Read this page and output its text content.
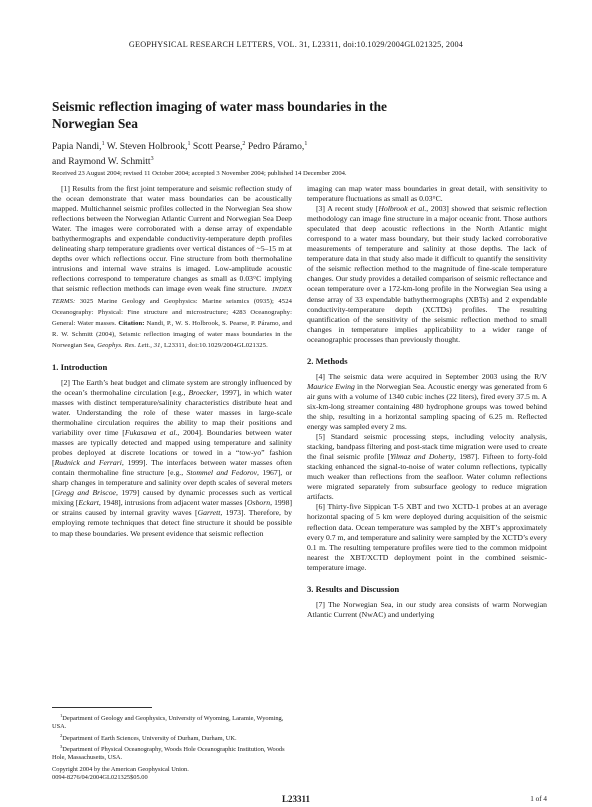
GEOPHYSICAL RESEARCH LETTERS, VOL. 31, L23311, doi:10.1029/2004GL021325, 2004
Seismic reflection imaging of water mass boundaries in the Norwegian Sea
Papia Nandi,$^1$ W. Steven Holbrook,$^1$ Scott Pearse,$^2$ Pedro Páramo,$^1$
and Raymond W. Schmitt$^3$
Received 23 August 2004; revised 11 October 2004; accepted 3 November 2004; published 14 December 2004.

[1] Results from the first joint temperature and seismic reflection study of the ocean demonstrate that water mass boundaries can be acoustically mapped. Multichannel seismic profiles collected in the Norwegian Sea show reflections between the Norwegian Atlantic Current and Norwegian Sea Deep Water. The images were corroborated with a dense array of expendable bathythermographs and expendable conductivity-temperature depth profiles delineating sharp temperature gradients over vertical distances of ~5–15 m at depths over which reflections occur. Fine structure from both thermohaline intrusions and internal wave strains is imaged. Low-amplitude acoustic reflections correspond to temperature changes as small as 0.03°C implying that seismic reflection methods can image even weak fine structure. INDEX TERMS: 3025 Marine Geology and Geophysics: Marine seismics (0935); 4524 Oceanography: Physical: Fine structure and microstructure; 4283 Oceanography: General: Water masses. Citation: Nandi, P., W. S. Holbrook, S. Pearse, P. Páramo, and R. W. Schmitt (2004), Seismic reflection imaging of water mass boundaries in the Norwegian Sea, Geophys. Res. Lett., 31, L23311, doi:10.1029/2004GL021325.

1. Introduction

[2] The Earth’s heat budget and climate system are strongly influenced by the ocean’s thermohaline circulation [e.g., Broecker, 1997], in which water masses with distinct temperature/salinity characteristics distribute heat and water. Understanding the role of these water masses in large-scale thermohaline circulation requires the ability to map their positions and variability over time [Fukasawa et al., 2004]. Boundaries between water masses are typically detected and mapped using temperature and salinity probes deployed at discrete locations or towed in a “tow-yo” fashion [Rudnick and Ferrari, 1999]. The interfaces between water masses often contain thermohaline fine structure [e.g., Stommel and Fedorov, 1967], or sharp changes in temperature and salinity over depth scales of several meters [Gregg and Briscoe, 1979] caused by dynamic processes such as vertical mixing [Eckart, 1948], intrusions from adjacent water masses [Osborn, 1998] or strains caused by internal gravity waves [Garrett, 1973]. Therefore, by employing remote techniques that detect fine structure it should be possible to map these boundaries. We present evidence that seismic reflection

imaging can map water mass boundaries in great detail, with sensitivity to temperature fluctuations as small as 0.03°C.

[3] A recent study [Holbrook et al., 2003] showed that seismic reflection methodology can image fine structure in a major oceanic front. Those authors speculated that deep acoustic reflections in the North Atlantic might correspond to a water mass boundary, but their study lacked corroborative measurements of temperature and salinity at those depths. The lack of temperature data in that study also made it difficult to quantify the sensitivity of the seismic reflection method to the magnitude of fine-scale temperature changes. Our study provides a detailed comparison of seismic reflectance and ocean temperature over a 172-km-long profile in the Norwegian Sea using a dense array of 33 expendable bathythermographs (XBTs) and 2 expendable conductivity-temperature depth (XCTDs) profiles. The resulting quantification of the sensitivity of the seismic reflection method to small changes in temperature implies applicability to a wider range of oceanographic processes than previously thought.

2. Methods

[4] The seismic data were acquired in September 2003 using the R/V Maurice Ewing in the Norwegian Sea. Acoustic energy was generated from 6 air guns with a volume of 1340 cubic inches (22 liters), fired every 37.5 m. A six-km-long streamer containing 480 hydrophone groups was towed behind the ship, resulting in a horizontal sampling spacing of 6.25 m. Reflected energy was sampled every 2 ms.

[5] Standard seismic processing steps, including velocity analysis, stacking, bandpass filtering and post-stack time migration were used to create the final seismic profile [Yilmaz and Doherty, 1987]. Fifteen to forty-fold stacking enhanced the signal-to-noise of water column reflections, typically much weaker than reflections from the seafloor. Water column reflections were migrated separately from subsurface geology to reduce migration artifacts.

[6] Thirty-five Sippican T-5 XBT and two XCTD-1 probes at an average horizontal spacing of 5 km were deployed during acquisition of the seismic reflection data. Ocean temperature was sampled by the XBT’s approximately every 0.7 m, and temperature and salinity were sampled by the XCTD’s every 0.1 m. The resulting temperature profiles were tied to the common midpoint nearest the XBT/XCTD deployment point in the combined seismic-temperature image.

3. Results and Discussion

[7] The Norwegian Sea, in our study area consists of warm Norwegian Atlantic Current (NwAC) and underlying

$^1$Department of Geology and Geophysics, University of Wyoming, Laramie, Wyoming, USA.

$^2$Department of Earth Sciences, University of Durham, Durham, UK.

$^3$Department of Physical Oceanography, Woods Hole Oceanographic Institution, Woods Hole, Massachusetts, USA.

Copyright 2004 by the American Geophysical Union.
0094-8276/04/2004GL021325$05.00
L23311	1 of 4
